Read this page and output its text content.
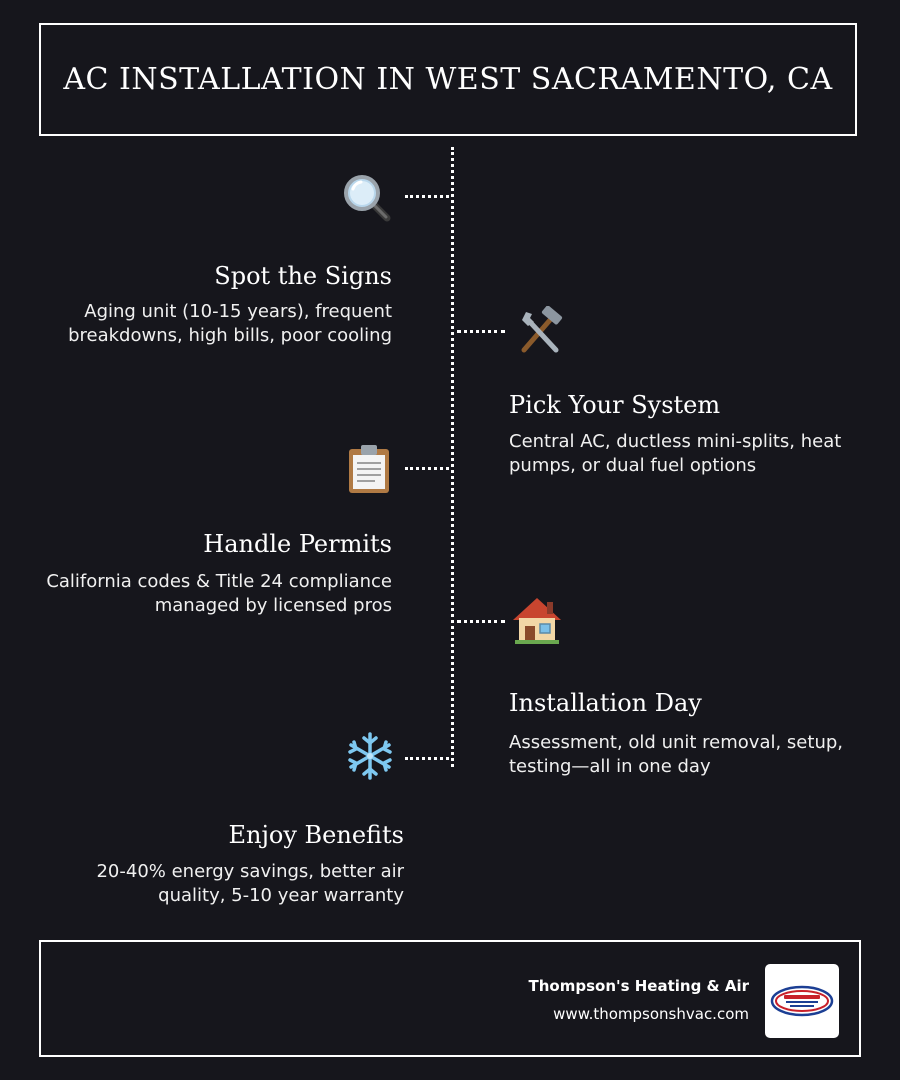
AC INSTALLATION IN WEST SACRAMENTO, CA
Spot the Signs
Aging unit (10-15 years), frequent breakdowns, high bills, poor cooling
Pick Your System
Central AC, ductless mini-splits, heat pumps, or dual fuel options
Handle Permits
California codes & Title 24 compliance managed by licensed pros
Installation Day
Assessment, old unit removal, setup, testing—all in one day
Enjoy Benefits
20-40% energy savings, better air quality, 5-10 year warranty
Thompson's Heating & Air
www.thompsonshvac.com
